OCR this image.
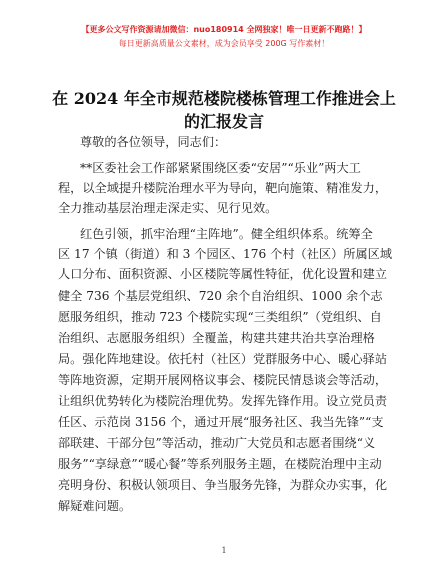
【更多公文写作资源请加微信：nuo180914 全网独家！唯一日更新不跑路！】
每日更新高质量公文素材，成为会员享受 200G 写作素材！
在 2024 年全市规范楼院楼栋管理工作推进会上
的汇报发言
尊敬的各位领导，同志们：
**区委社会工作部紧紧围绕区委“安居”“乐业”两大工
程，以全域提升楼院治理水平为导向，靶向施策、精准发力，
全力推动基层治理走深走实、见行见效。
红色引领，抓牢治理“主阵地”。健全组织体系。统筹全
区 17 个镇（街道）和 3 个园区、176 个村（社区）所属区域
人口分布、面积资源、小区楼院等属性特征，优化设置和建立
健全 736 个基层党组织、720 余个自治组织、1000 余个志
愿服务组织，推动 723 个楼院实现“三类组织”（党组织、自
治组织、志愿服务组织）全覆盖，构建共建共治共享治理格
局。强化阵地建设。依托村（社区）党群服务中心、暖心驿站
等阵地资源，定期开展网格议事会、楼院民情恳谈会等活动，
让组织优势转化为楼院治理优势。发挥先锋作用。设立党员责
任区、示范岗 3156 个，通过开展“服务社区、我当先锋”“支
部联建、干部分包”等活动，推动广大党员和志愿者围绕“义
服务”“享绿意”“暖心餐”等系列服务主题，在楼院治理中主动
亮明身份、积极认领项目、争当服务先锋，为群众办实事，化
解疑难问题。
1
